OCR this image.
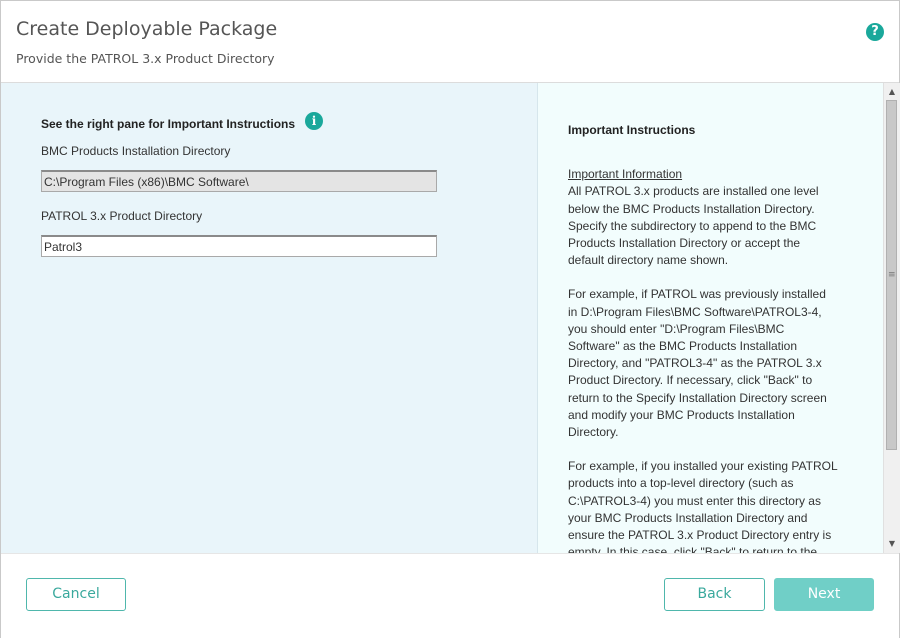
Create Deployable Package
Provide the PATROL 3.x Product Directory
?
See the right pane for Important Instructions	i
BMC Products Installation Directory
C:\Program Files (x86)\BMC Software\
PATROL 3.x Product Directory
Patrol3
Important Instructions
Important Information

All PATROL 3.x products are installed one level below the BMC Products Installation Directory. Specify the subdirectory to append to the BMC Products Installation Directory or accept the default directory name shown.

For example, if PATROL was previously installed in D:\Program Files\BMC Software\PATROL3-4, you should enter "D:\Program Files\BMC Software" as the BMC Products Installation Directory, and "PATROL3-4" as the PATROL 3.x Product Directory. If necessary, click "Back" to return to the Specify Installation Directory screen and modify your BMC Products Installation Directory.

For example, if you installed your existing PATROL products into a top-level directory (such as C:\PATROL3-4) you must enter this directory as your BMC Products Installation Directory and ensure the PATROL 3.x Product Directory entry is

▲
≡
▼
Cancel	Back	Next
